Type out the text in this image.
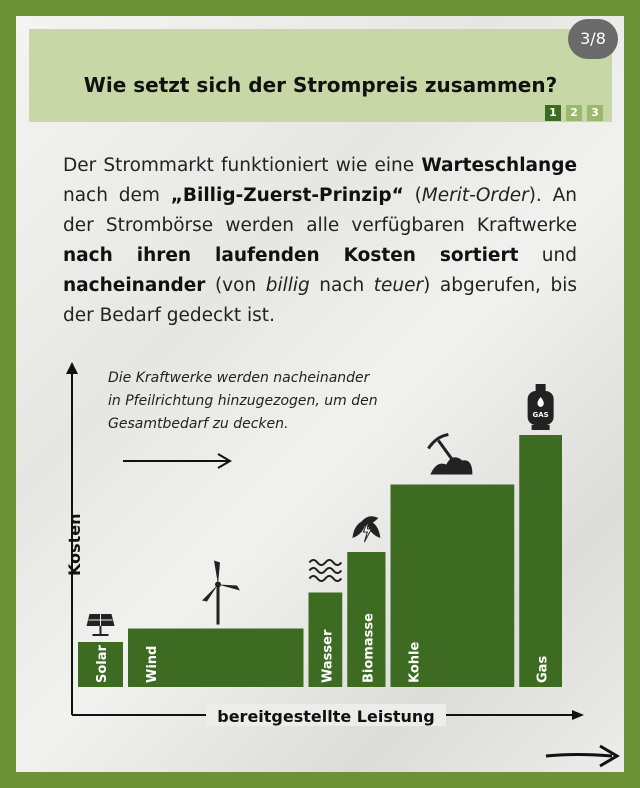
Wie setzt sich der Strompreis zusammen?
3/8
1	2	3
Der Strommarkt funktioniert wie eine Warteschlange nach dem „Billig-Zuerst-Prinzip“ (Merit-Order). An der Strombörse werden alle verfügbaren Kraftwerke nach ihren laufenden Kosten sortiert und nacheinander (von billig nach teuer) abgerufen, bis der Bedarf gedeckt ist.
Solar	Wind	Wasser Biomasse Kohle	Gas
GAS
Kosten
bereitgestellte Leistung
Die Kraftwerke werden nacheinander
in Pfeilrichtung hinzugezogen, um den
Gesamtbedarf zu decken.
